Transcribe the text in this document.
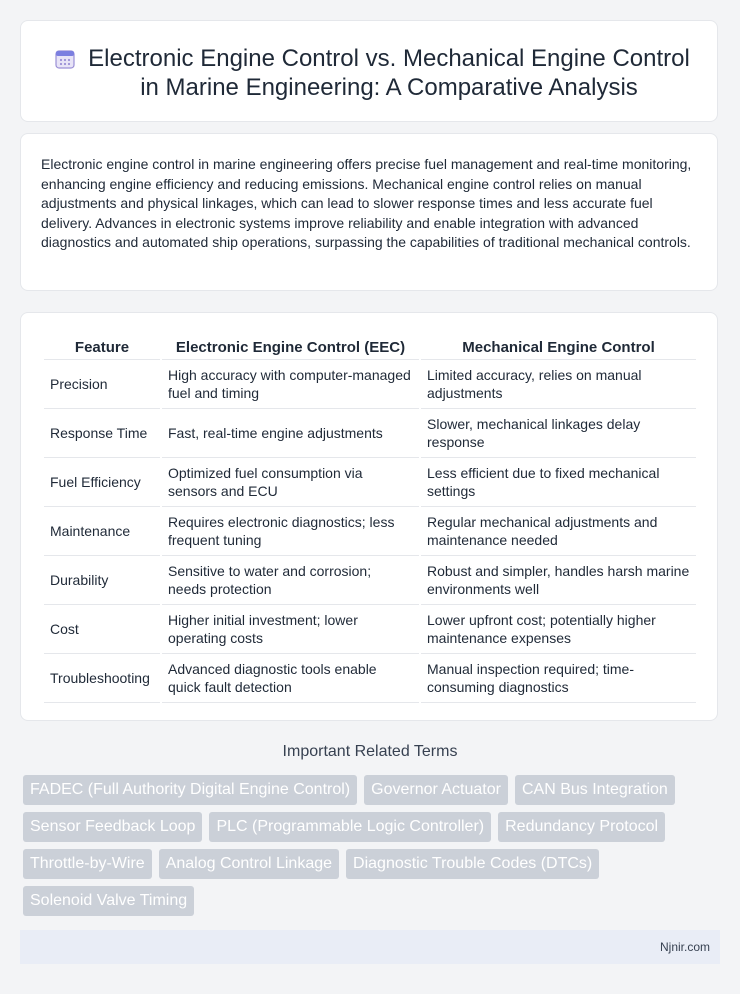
Electronic Engine Control vs. Mechanical Engine Control in Marine Engineering: A Comparative Analysis
Electronic engine control in marine engineering offers precise fuel management and real-time monitoring, enhancing engine efficiency and reducing emissions. Mechanical engine control relies on manual adjustments and physical linkages, which can lead to slower response times and less accurate fuel delivery. Advances in electronic systems improve reliability and enable integration with advanced diagnostics and automated ship operations, surpassing the capabilities of traditional mechanical controls.
Feature	Electronic Engine Control (EEC)	Mechanical Engine Control
Precision	High accuracy with computer-managed fuel and timing	Limited accuracy, relies on manual adjustments
Response Time	Fast, real-time engine adjustments	Slower, mechanical linkages delay response
Fuel Efficiency	Optimized fuel consumption via sensors and ECU	Less efficient due to fixed mechanical settings
Maintenance	Requires electronic diagnostics; less frequent tuning	Regular mechanical adjustments and maintenance needed
Durability	Sensitive to water and corrosion; needs protection	Robust and simpler, handles harsh marine environments well
Cost	Higher initial investment; lower operating costs	Lower upfront cost; potentially higher maintenance expenses
Troubleshooting	Advanced diagnostic tools enable quick fault detection	Manual inspection required; time-consuming diagnostics
Important Related Terms
FADEC (Full Authority Digital Engine Control)	Governor Actuator	CAN Bus Integration
Sensor Feedback Loop	PLC (Programmable Logic Controller)	Redundancy Protocol
Throttle-by-Wire	Analog Control Linkage	Diagnostic Trouble Codes (DTCs)
Solenoid Valve Timing
Njnir.com
